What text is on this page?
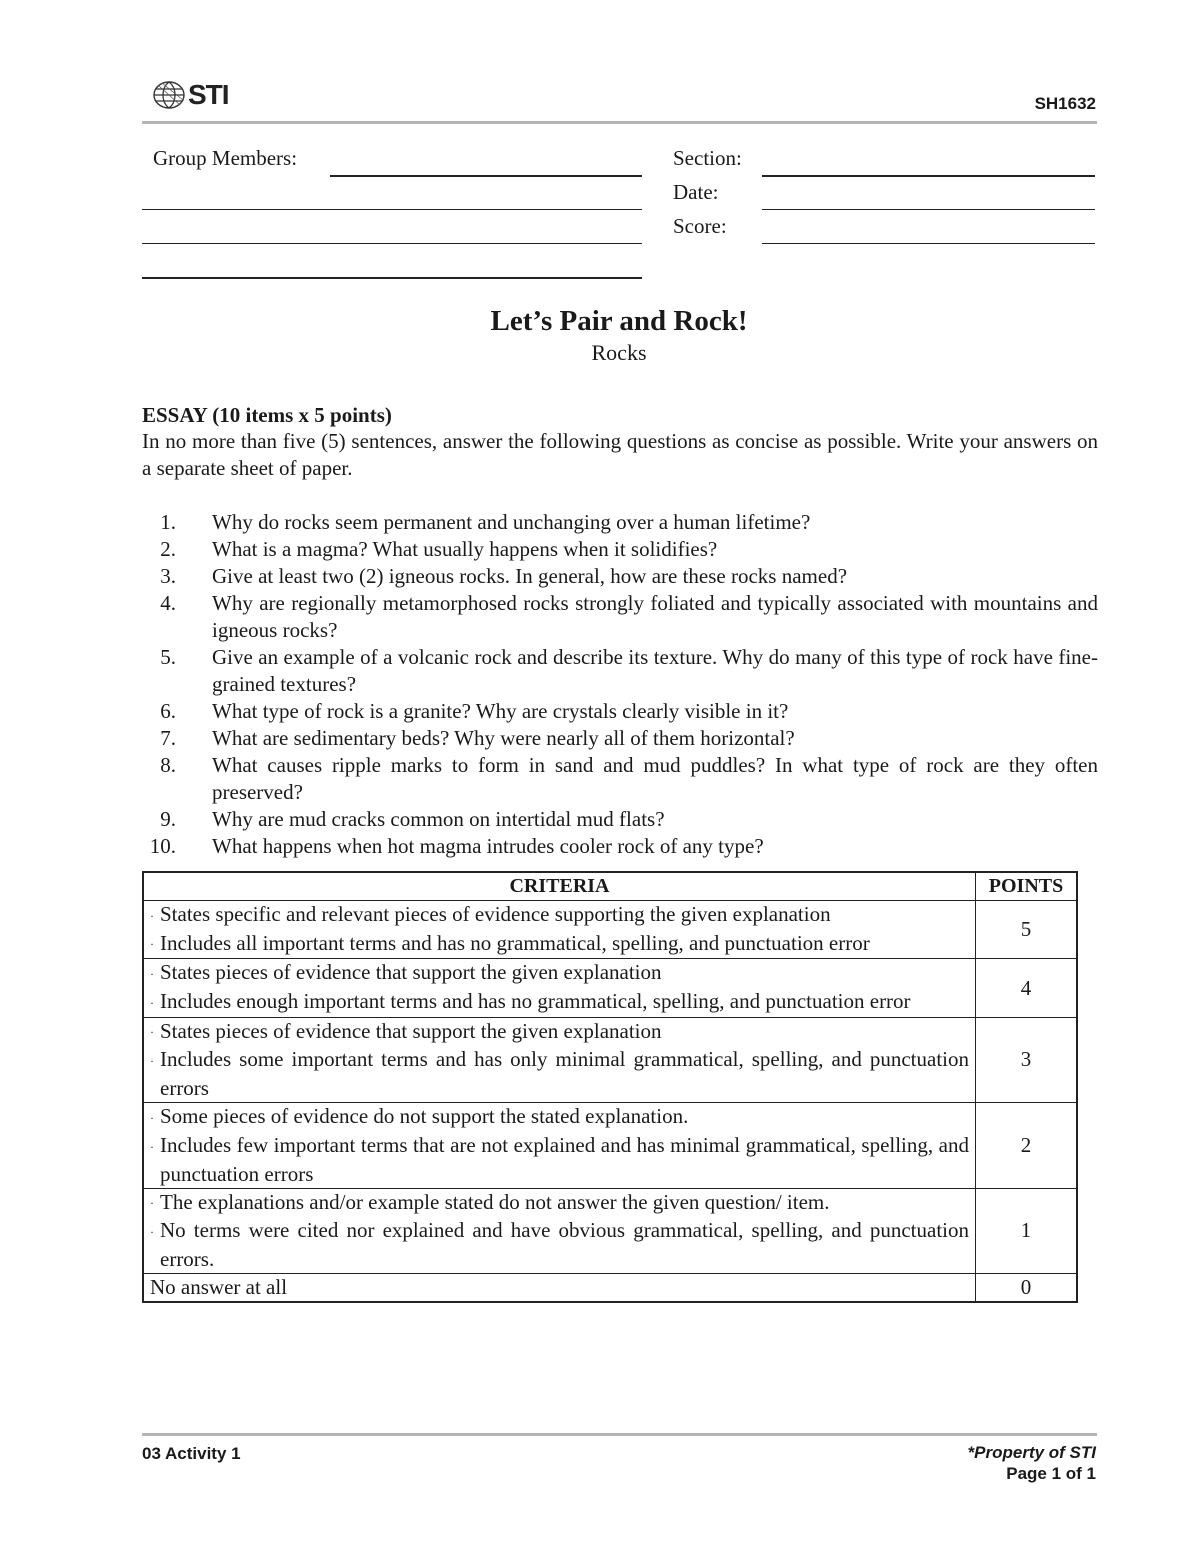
STI	SH1632
Group Members:	Section:
Date:
Score:
Let’s Pair and Rock!
Rocks
ESSAY (10 items x 5 points)
In no more than five (5) sentences, answer the following questions as concise as possible. Write your answers on a separate sheet of paper.
1. Why do rocks seem permanent and unchanging over a human lifetime?
2. What is a magma? What usually happens when it solidifies?
3. Give at least two (2) igneous rocks. In general, how are these rocks named?
4. Why are regionally metamorphosed rocks strongly foliated and typically associated with mountains and igneous rocks?
5. Give an example of a volcanic rock and describe its texture. Why do many of this type of rock have fine-grained textures?
6. What type of rock is a granite? Why are crystals clearly visible in it?
7. What are sedimentary beds? Why were nearly all of them horizontal?
8. What causes ripple marks to form in sand and mud puddles? In what type of rock are they often preserved?
9. Why are mud cracks common on intertidal mud flats?
10. What happens when hot magma intrudes cooler rock of any type?
CRITERIA	POINTS

· States specific and relevant pieces of evidence supporting the given explanation
· Includes all important terms and has no grammatical, spelling, and punctuation error	5

· States pieces of evidence that support the given explanation
· Includes enough important terms and has no grammatical, spelling, and punctuation error	4

· States pieces of evidence that support the given explanation
· Includes some important terms and has only minimal grammatical, spelling, and punctuation errors	3

· Some pieces of evidence do not support the stated explanation.
· Includes few important terms that are not explained and has minimal grammatical, spelling, and punctuation errors	2

· The explanations and/or example stated do not answer the given question/ item.
· No terms were cited nor explained and have obvious grammatical, spelling, and punctuation errors.	1
No answer at all	0
03 Activity 1	*Property of STI
Page 1 of 1
